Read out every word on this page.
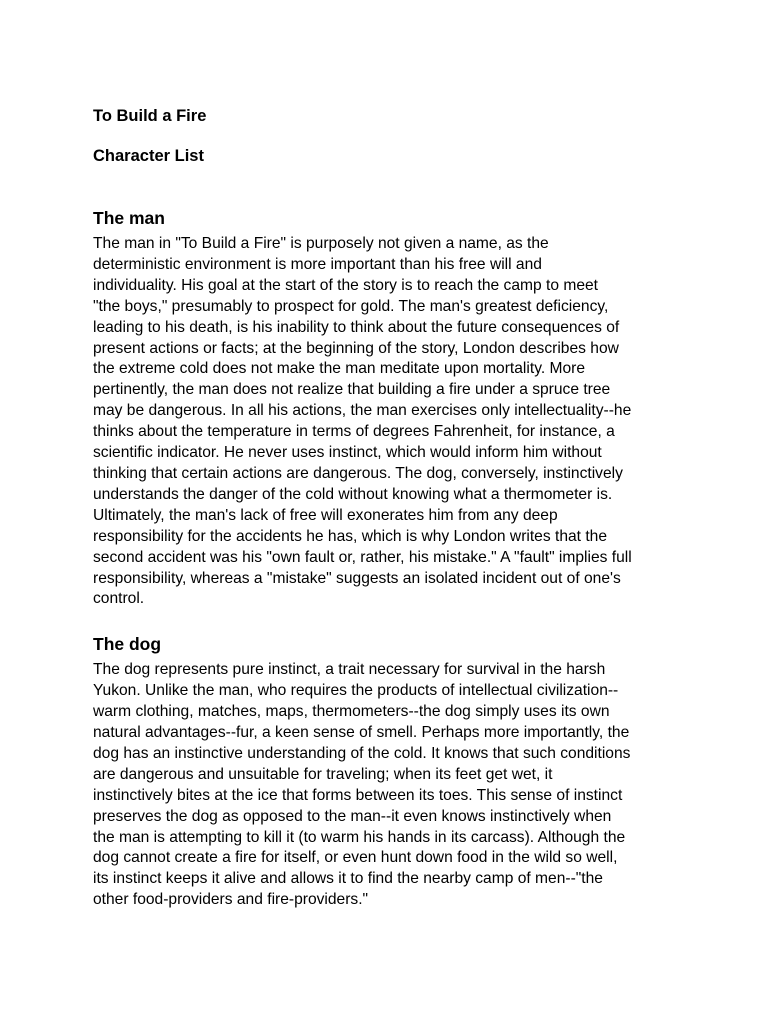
To Build a Fire
Character List
The man
The man in "To Build a Fire" is purposely not given a name, as the
deterministic environment is more important than his free will and
individuality. His goal at the start of the story is to reach the camp to meet
"the boys," presumably to prospect for gold. The man's greatest deficiency,
leading to his death, is his inability to think about the future consequences of
present actions or facts; at the beginning of the story, London describes how
the extreme cold does not make the man meditate upon mortality. More
pertinently, the man does not realize that building a fire under a spruce tree
may be dangerous. In all his actions, the man exercises only intellectuality--he
thinks about the temperature in terms of degrees Fahrenheit, for instance, a
scientific indicator. He never uses instinct, which would inform him without
thinking that certain actions are dangerous. The dog, conversely, instinctively
understands the danger of the cold without knowing what a thermometer is.
Ultimately, the man's lack of free will exonerates him from any deep
responsibility for the accidents he has, which is why London writes that the
second accident was his "own fault or, rather, his mistake." A "fault" implies full
responsibility, whereas a "mistake" suggests an isolated incident out of one's
control.
The dog
The dog represents pure instinct, a trait necessary for survival in the harsh
Yukon. Unlike the man, who requires the products of intellectual civilization--
warm clothing, matches, maps, thermometers--the dog simply uses its own
natural advantages--fur, a keen sense of smell. Perhaps more importantly, the
dog has an instinctive understanding of the cold. It knows that such conditions
are dangerous and unsuitable for traveling; when its feet get wet, it
instinctively bites at the ice that forms between its toes. This sense of instinct
preserves the dog as opposed to the man--it even knows instinctively when
the man is attempting to kill it (to warm his hands in its carcass). Although the
dog cannot create a fire for itself, or even hunt down food in the wild so well,
its instinct keeps it alive and allows it to find the nearby camp of men--"the
other food-providers and fire-providers."
